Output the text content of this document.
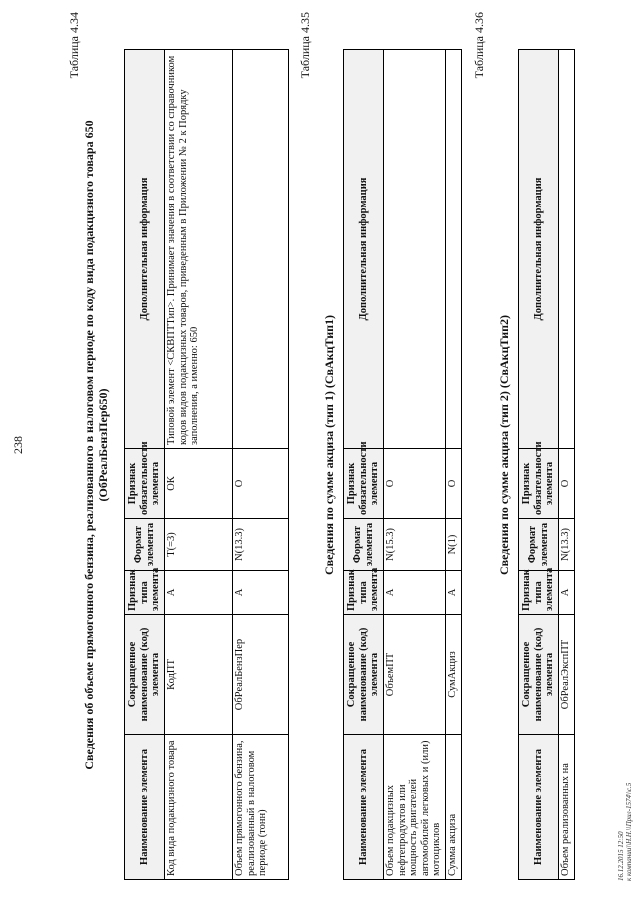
238
Таблица 4.34
Сведения об объеме прямогонного бензина, реализованного в налоговом периоде по коду вида подакцизного товара 650 (ОбРеалБензПер650)
Наименование элемента	Сокращенное наименование (код) элемента	Признак типа элемента	Формат элемента	Признак обязательности элемента	Дополнительная информация
Код вида подакцизного товара	КодПТ	А	T(=3)	ОК	Типовой элемент <СКВПТТип>. Принимает значения в соответствии со справочником кодов видов подакцизных товаров, приведенным в Приложении № 2 к Порядку заполнения, а именно: 650
Объем прямогонного бензина, реализованный в налоговом периоде (тонн)	ОбРеалБензПер	А	N(13.3)	О	
Таблица 4.35
Сведения по сумме акциза (тип 1) (СвАкцТип1)
Наименование элемента	Сокращенное наименование (код) элемента	Признак типа элемента	Формат элемента	Признак обязательности элемента	Дополнительная информация
Объем подакцизных нефтепродуктов или мощность двигателей автомобилей легковых и (или) мотоциклов	ОбъемПТ	А	N(15.3)	О	
Сумма акциза	СумАкциз	А	N(1)	О	
Таблица 4.36
Сведения по сумме акциза (тип 2) (СвАкцТип2)
Наименование элемента	Сокращенное наименование (код) элемента	Признак типа элемента	Формат элемента	Признак обязательности элемента	Дополнительная информация
Объем реализованных на	ОбРеалЭкспПТ	А	N(13.3)	О	
16.12.2015 12:50 к компании\\Н.Н.\\Прил-1574\\с.5
